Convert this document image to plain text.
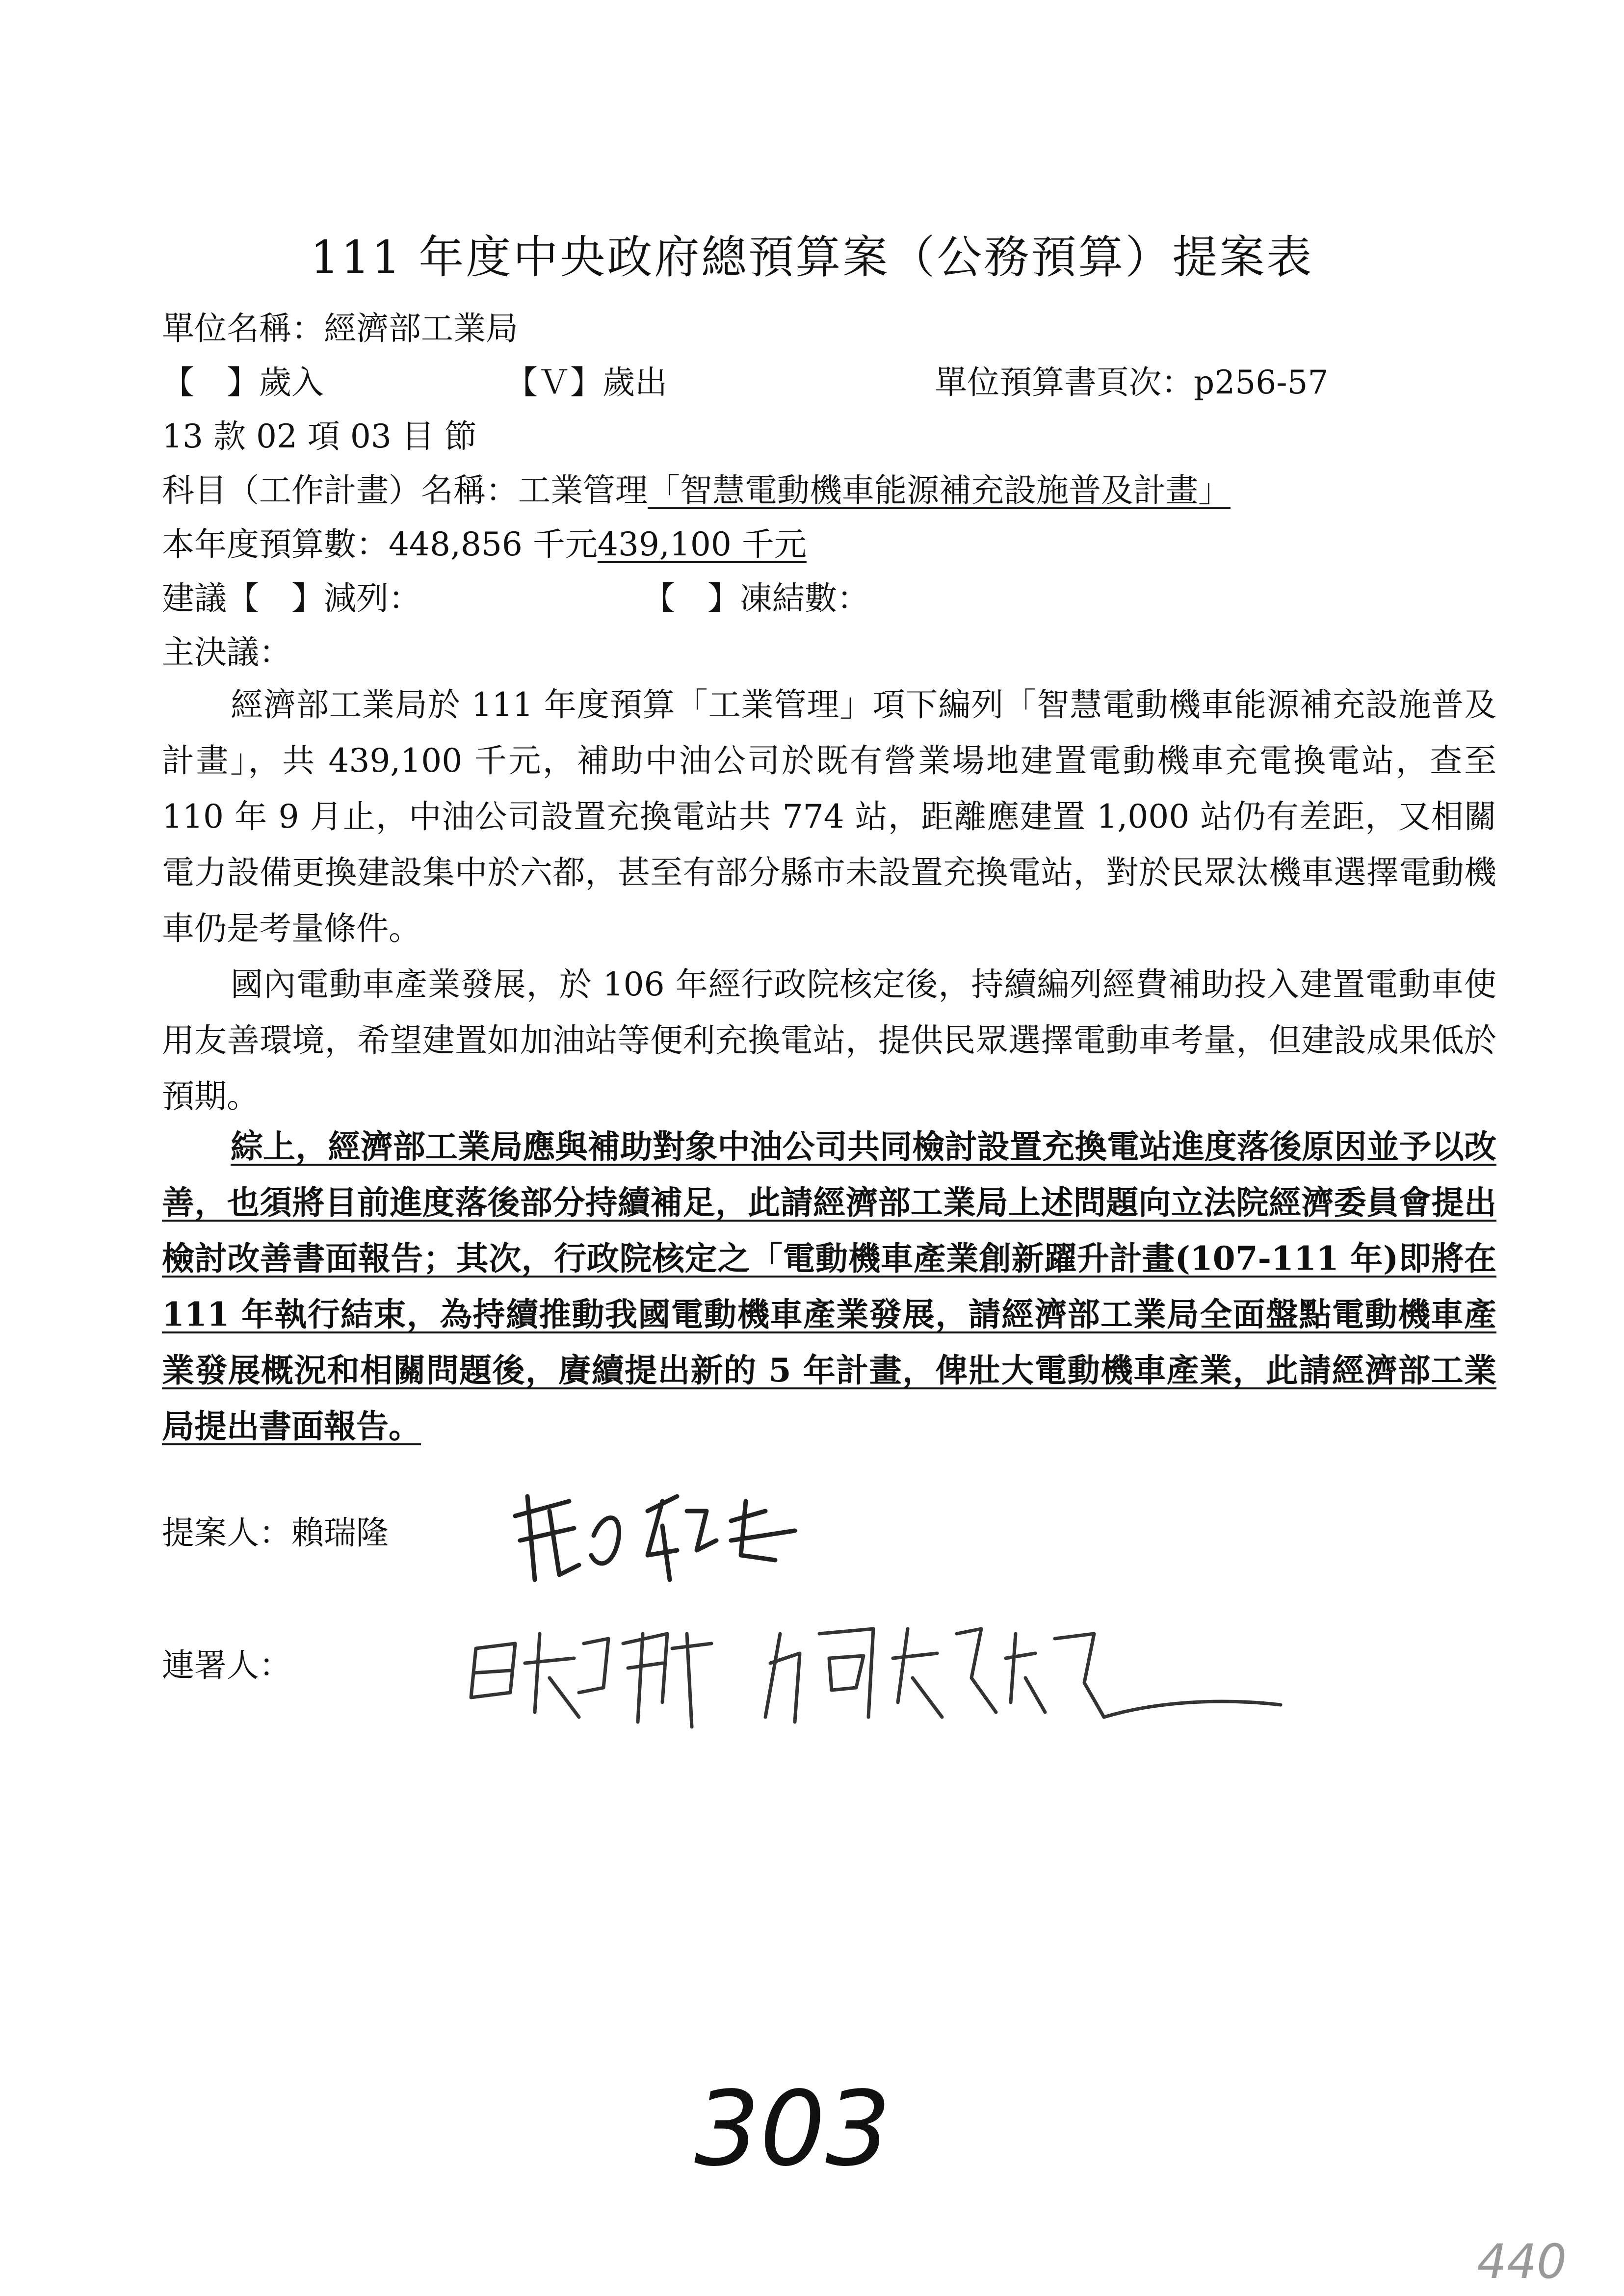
111 年度中央政府總預算案（公務預算）提案表
單位名稱：經濟部工業局
【　】歲入	【Ｖ】歲出	單位預算書頁次：p256-57
13 款 02 項 03 目 節
科目（工作計畫）名稱：工業管理「智慧電動機車能源補充設施普及計畫」
本年度預算數：448,856 千元439,100 千元
建議【　】減列：	【　】凍結數：
主決議：
經濟部工業局於 111 年度預算「工業管理」項下編列「智慧電動機車能源補充設施普及計畫」，共 439,100 千元，補助中油公司於既有營業場地建置電動機車充電換電站，查至 110 年 9 月止，中油公司設置充換電站共 774 站，距離應建置 1,000 站仍有差距，又相關電力設備更換建設集中於六都，甚至有部分縣市未設置充換電站，對於民眾汰機車選擇電動機車仍是考量條件。
國內電動車產業發展，於 106 年經行政院核定後，持續編列經費補助投入建置電動車使用友善環境，希望建置如加油站等便利充換電站，提供民眾選擇電動車考量，但建設成果低於預期。
綜上，經濟部工業局應與補助對象中油公司共同檢討設置充換電站進度落後原因並予以改善，也須將目前進度落後部分持續補足，此請經濟部工業局上述問題向立法院經濟委員會提出檢討改善書面報告；其次，行政院核定之「電動機車產業創新躍升計畫(107-111 年)即將在 111 年執行結束，為持續推動我國電動機車產業發展，請經濟部工業局全面盤點電動機車產業發展概況和相關問題後，賡續提出新的 5 年計畫，俾壯大電動機車產業，此請經濟部工業局提出書面報告。
提案人：賴瑞隆
連署人：
303
440
